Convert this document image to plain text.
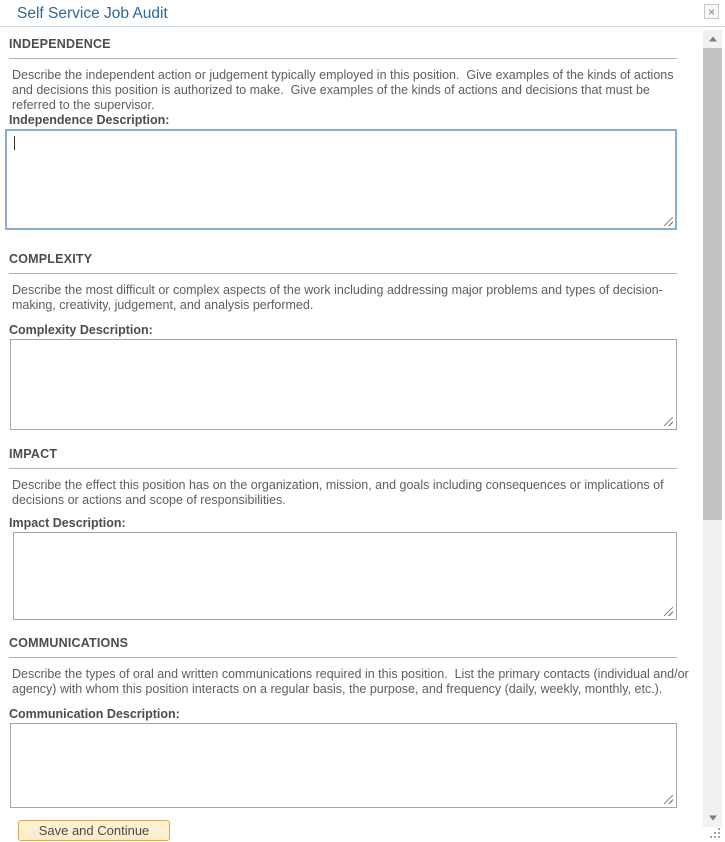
Self Service Job Audit	×
INDEPENDENCE
Describe the independent action or judgement typically employed in this position.  Give examples of the kinds of actions and decisions this position is authorized to make.  Give examples of the kinds of actions and decisions that must be referred to the supervisor.
Independence Description:
COMPLEXITY
Describe the most difficult or complex aspects of the work including addressing major problems and types of decision-making, creativity, judgement, and analysis performed.
Complexity Description:
IMPACT
Describe the effect this position has on the organization, mission, and goals including consequences or implications of decisions or actions and scope of responsibilities.
Impact Description:
COMMUNICATIONS
Describe the types of oral and written communications required in this position.  List the primary contacts (individual and/or agency) with whom this position interacts on a regular basis, the purpose, and frequency (daily, weekly, monthly, etc.).
Communication Description:
Save and Continue
